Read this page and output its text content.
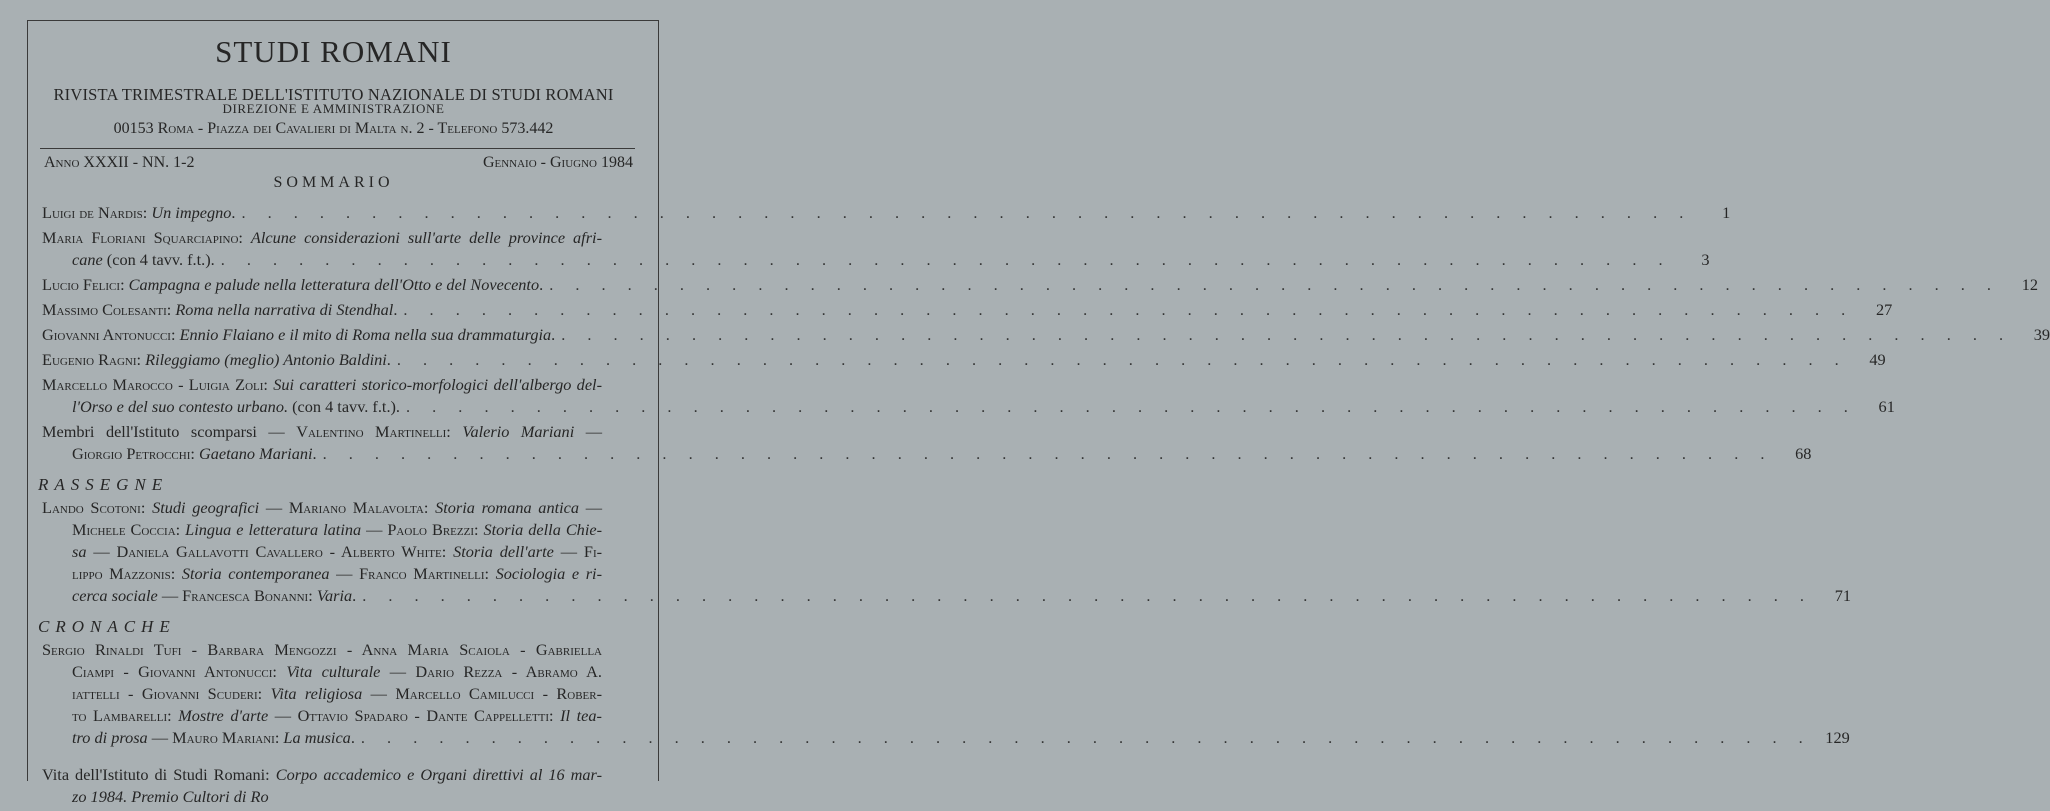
STUDI ROMANI
RIVISTA TRIMESTRALE DELL'ISTITUTO NAZIONALE DI STUDI ROMANI
DIREZIONE E AMMINISTRAZIONE
00153 Roma - Piazza dei Cavalieri di Malta n. 2 - Telefono 573.442
Anno XXXII - NN. 1-2	Gennaio - Giugno 1984
SOMMARIO
Luigi de Nardis: Un impegno. . . . . . . . . . . . . . . . . . . . . . . . . . . . . . . . . . . . . . . . . . . . . . . . . . . . . . . . .	1
Maria Floriani Squarciapino: Alcune considerazioni sull'arte delle province afri-
cane (con 4 tavv. f.t.). . . . . . . . . . . . . . . . . . . . . . . . . . . . . . . . . . . . . . . . . . . . . . . . . . . . . . . . .	3
Lucio Felici: Campagna e palude nella letteratura dell'Otto e del Novecento. . . . . . . . . . . . . . . . . . . . . . . . . . . . . . . . . . . . . . . . . . . . . . . . . . . . . . . . .	12
Massimo Colesanti: Roma nella narrativa di Stendhal. . . . . . . . . . . . . . . . . . . . . . . . . . . . . . . . . . . . . . . . . . . . . . . . . . . . . . . . .	27
Giovanni Antonucci: Ennio Flaiano e il mito di Roma nella sua drammaturgia. . . . . . . . . . . . . . . . . . . . . . . . . . . . . . . . . . . . . . . . . . . . . . . . . . . . . . . . .	39
Eugenio Ragni: Rileggiamo (meglio) Antonio Baldini. . . . . . . . . . . . . . . . . . . . . . . . . . . . . . . . . . . . . . . . . . . . . . . . . . . . . . . . .	49
Marcello Marocco - Luigia Zoli: Sui caratteri storico-morfologici dell'albergo del-
l'Orso e del suo contesto urbano. (con 4 tavv. f.t.). . . . . . . . . . . . . . . . . . . . . . . . . . . . . . . . . . . . . . . . . . . . . . . . . . . . . . . . .	61
Membri dell'Istituto scomparsi — Valentino Martinelli: Valerio Mariani —
Giorgio Petrocchi: Gaetano Mariani. . . . . . . . . . . . . . . . . . . . . . . . . . . . . . . . . . . . . . . . . . . . . . . . . . . . . . . . .	68
RASSEGNE
Lando Scotoni: Studi geografici — Mariano Malavolta: Storia romana antica —
Michele Coccia: Lingua e letteratura latina — Paolo Brezzi: Storia della Chie-
sa — Daniela Gallavotti Cavallero - Alberto White: Storia dell'arte — Fi-
lippo Mazzonis: Storia contemporanea — Franco Martinelli: Sociologia e ri-
cerca sociale — Francesca Bonanni: Varia. . . . . . . . . . . . . . . . . . . . . . . . . . . . . . . . . . . . . . . . . . . . . . . . . . . . . . . . .	71
CRONACHE
Sergio Rinaldi Tufi - Barbara Mengozzi - Anna Maria Scaiola - Gabriella
Ciampi - Giovanni Antonucci: Vita culturale — Dario Rezza - Abramo A.
iattelli - Giovanni Scuderi: Vita religiosa — Marcello Camilucci - Rober-
to Lambarelli: Mostre d'arte — Ottavio Spadaro - Dante Cappelletti: Il tea-
tro di prosa — Mauro Mariani: La musica. . . . . . . . . . . . . . . . . . . . . . . . . . . . . . . . . . . . . . . . . . . . . . . . . . . . . . . . . 129
Vita dell'Istituto di Studi Romani: Corpo accademico e Organi direttivi al 16 mar-
zo 1984. Premio Cultori di Ro
